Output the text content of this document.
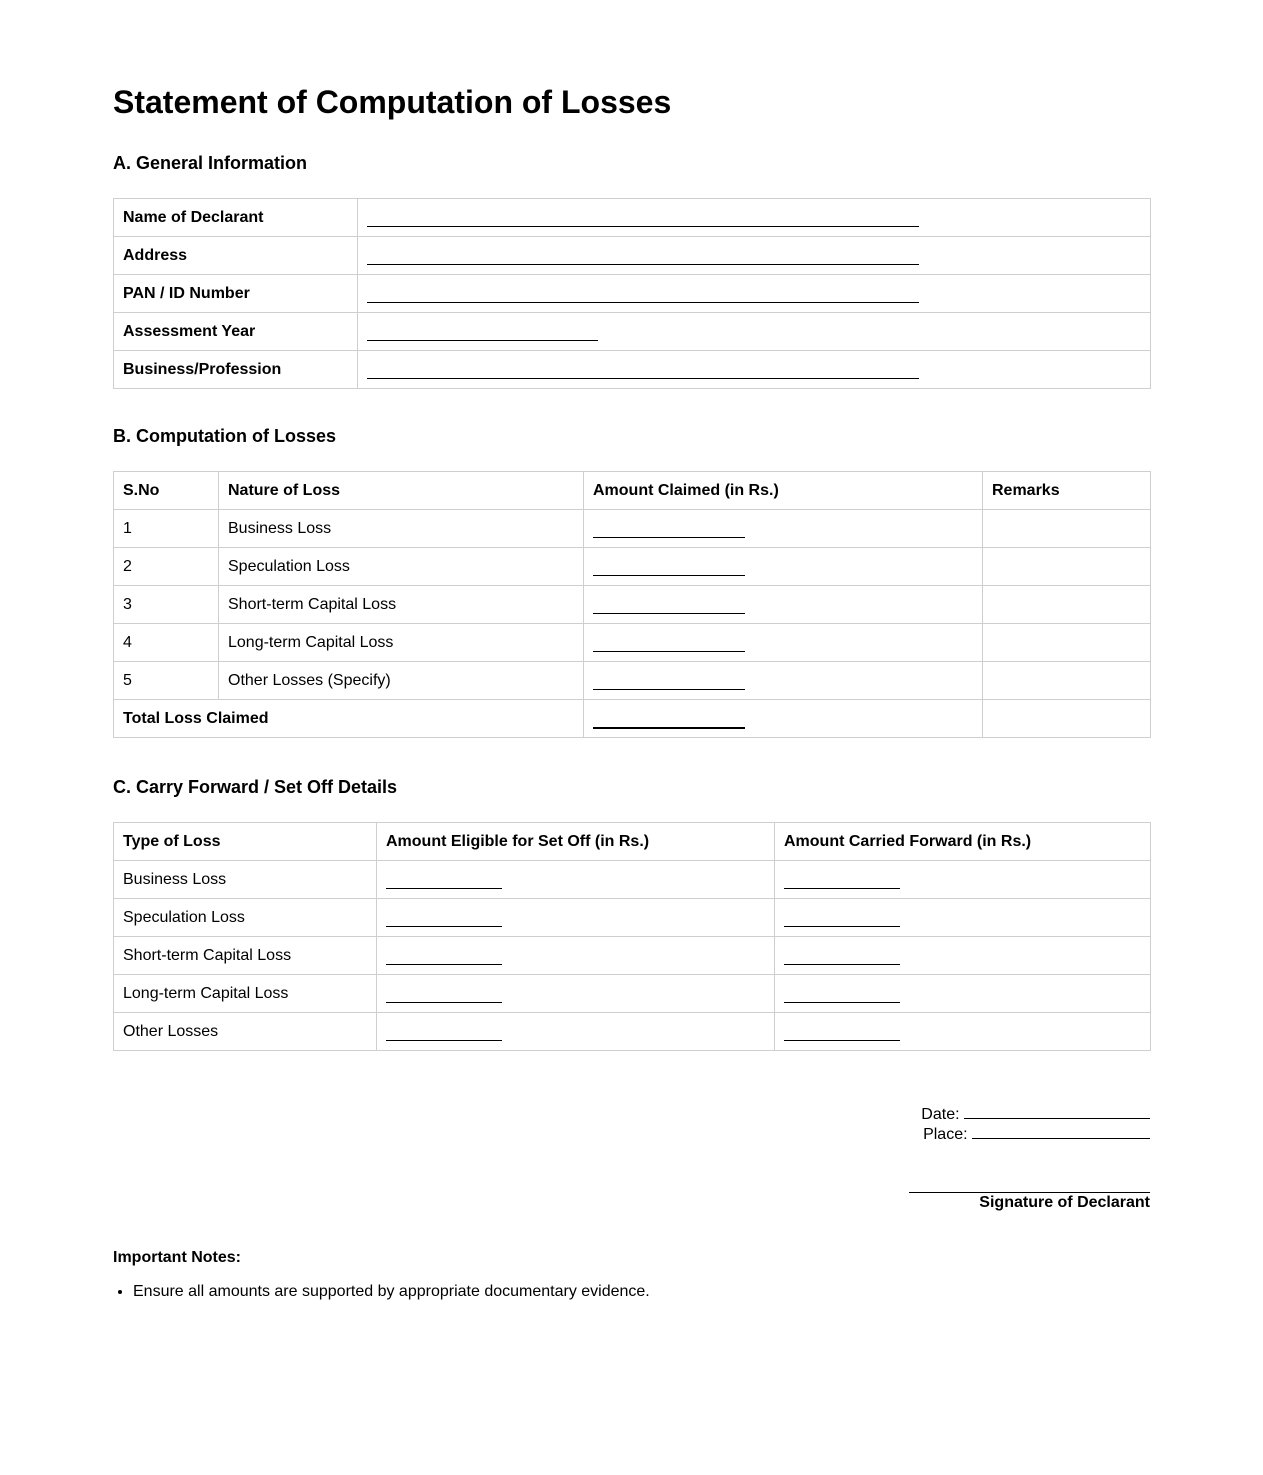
Statement of Computation of Losses
A. General Information
Name of Declarant	
Address	
PAN / ID Number	
Assessment Year	
Business/Profession	
B. Computation of Losses
S.No	Nature of Loss	Amount Claimed (in Rs.)	Remarks
1	Business Loss		
2	Speculation Loss		
3	Short-term Capital Loss		
4	Long-term Capital Loss		
5	Other Losses (Specify)		
Total Loss Claimed			
C. Carry Forward / Set Off Details
Type of Loss	Amount Eligible for Set Off (in Rs.)	Amount Carried Forward (in Rs.)
Business Loss		
Speculation Loss		
Short-term Capital Loss		
Long-term Capital Loss		
Other Losses		
Date:
Place:
Signature of Declarant
Important Notes:
• Ensure all amounts are supported by appropriate documentary evidence.
